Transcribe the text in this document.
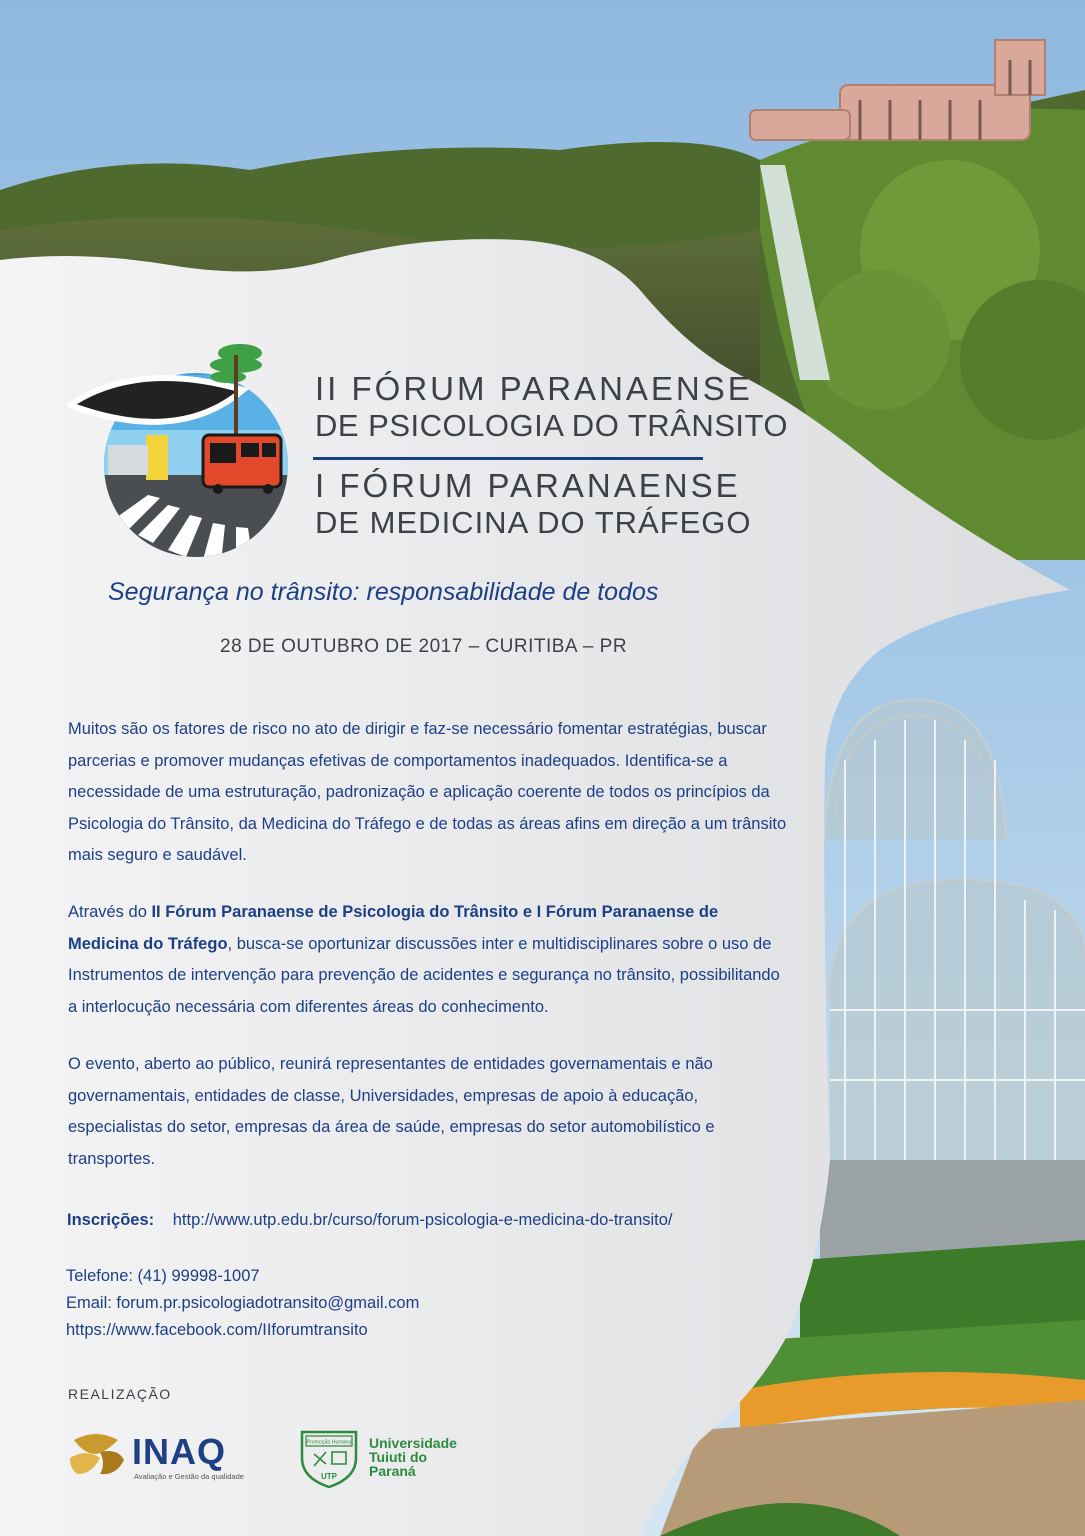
II FÓRUM PARANAENSE
DE PSICOLOGIA DO TRÂNSITO
I FÓRUM PARANAENSE
DE MEDICINA DO TRÁFEGO
Segurança no trânsito: responsabilidade de todos
28 DE OUTUBRO DE 2017 – CURITIBA – PR
Muitos são os fatores de risco no ato de dirigir e faz-se necessário fomentar estratégias, buscar parcerias e promover mudanças efetivas de comportamentos inadequados. Identifica-se a necessidade de uma estruturação, padronização e aplicação coerente de todos os princípios da Psicologia do Trânsito, da Medicina do Tráfego e de todas as áreas afins em direção a um trânsito mais seguro e saudável.
Através do II Fórum Paranaense de Psicologia do Trânsito e I Fórum Paranaense de Medicina do Tráfego, busca-se oportunizar discussões inter e multidisciplinares sobre o uso de Instrumentos de intervenção para prevenção de acidentes e segurança no trânsito, possibilitando a interlocução necessária com diferentes áreas do conhecimento.
O evento, aberto ao público, reunirá representantes de entidades governamentais e não governamentais, entidades de classe, Universidades, empresas de apoio à educação, especialistas do setor, empresas da área de saúde, empresas do setor automobilístico e transportes.
Inscrições: http://www.utp.edu.br/curso/forum-psicologia-e-medicina-do-transito/
Telefone: (41) 99998-1007
Email: forum.pr.psicologiadotransito@gmail.com
https://www.facebook.com/IIforumtransito
REALIZAÇÃO
INAQ
Avaliação e Gestão da qualidade
Promoção Humana
UTP
Universidade
Tuiuti do
Paraná
